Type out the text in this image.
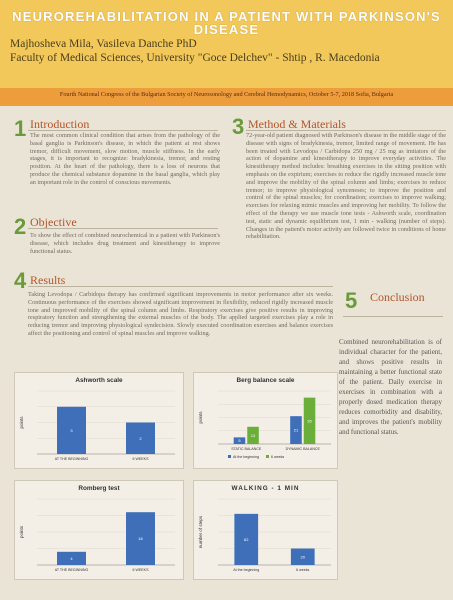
NEUROREHABILITATION IN A PATIENT WITH PARKINSON'S
DISEASE
Majhosheva Mila, Vasileva Danche PhD
Faculty of Medical Sciences, University "Goce Delchev" - Shtip , R. Macedonia
Fourth National Congress of the Bulgarian Society of Neurosonology and Cerebral Hemodynamics, October 5-7, 2018 Sofia, Bulgaria
1 Introduction
The most common clinical condition that arises from the pathology of the basal ganglia is Parkinson's disease, in which the patient at rest shows tremor, difficult movement, slow motion, muscle stiffness. In the early stages, it is important to recognize: bradykinesia, tremor, and resting position. At the heart of the pathology, there is a loss of neurons that produce the chemical substance dopamine in the basal ganglia, which play an important role in the control of conscious movements.
2 Objective
To show the effect of combined neurochemical in a patient with Parkinson's disease, which includes drug treatment and kinesitherapy to improve functional status.
3 Method & Materials
72-year-old patient diagnosed with Parkinson's disease in the middle stage of the disease with signs of bradykinesia, tremor, limited range of movement. He has been treated with Levodopa / Carbidopa 250 mg / 25 mg as imitators of the action of dopamine and kinesitherapy to improve everyday activities. The kinesitherapy method includes: breathing exercises in the sitting position with emphasis on the expirium; exercises to reduce the rigidly increased muscle tone and improve the mobility of the spinal column and limbs; exercises to reduce tremor; to improve physiological synceneses; to improve the position and control of the spinal muscles; for coordination; exercises to improve walking; exercises for relaxing mimic muscles and improving her mobility. To follow the effect of the therapy we use muscle tone tests - Ashworth scale, coordination test, static and dynamic equilibrium test, 1 min - walking (number of steps). Changes in the patient's motor activity are followed twice in conditions of home rehabilitation.
4 Results
Taking Levodopa / Carbidopa therapy has confirmed significant improvements in motor performance after six weeks. Continuous performance of the exercises showed significant improvement in flexibility, reduced rigidly increased muscle tone and improved mobility of the spinal column and limbs. Respiratory exercises give positive results in improving respiratory function and strengthening the external muscles of the body. The applied targeted exercises play a role in reducing tremor and improving physiological syndecision. Slowly executed coordination exercises and balance exercises affect the positioning and control of spinal muscles and improve walking.
5 Conclusion
Combined neurorehabilitation is of individual character for the patient, and shows positive results in maintaining a better functional state of the patient. Daily exercise in exercises in combination with a properly dosed medication therapy reduces comorbidity and disability, and improves the patient's mobility and functional status.
Ashworth scale
points
3
AT THE BEGINNING
2
6 WEEKS
Berg balance scale
points
5
13
STATIC BALANCE
21
35
DYNAMIC BALANCE
At the beginning	6 weeks
Romberg test
points
4
AT THE BEGINNING
16
6 WEEKS
WALKING - 1 MIN
number of steps	62
At the beginning
20
6 weeks
